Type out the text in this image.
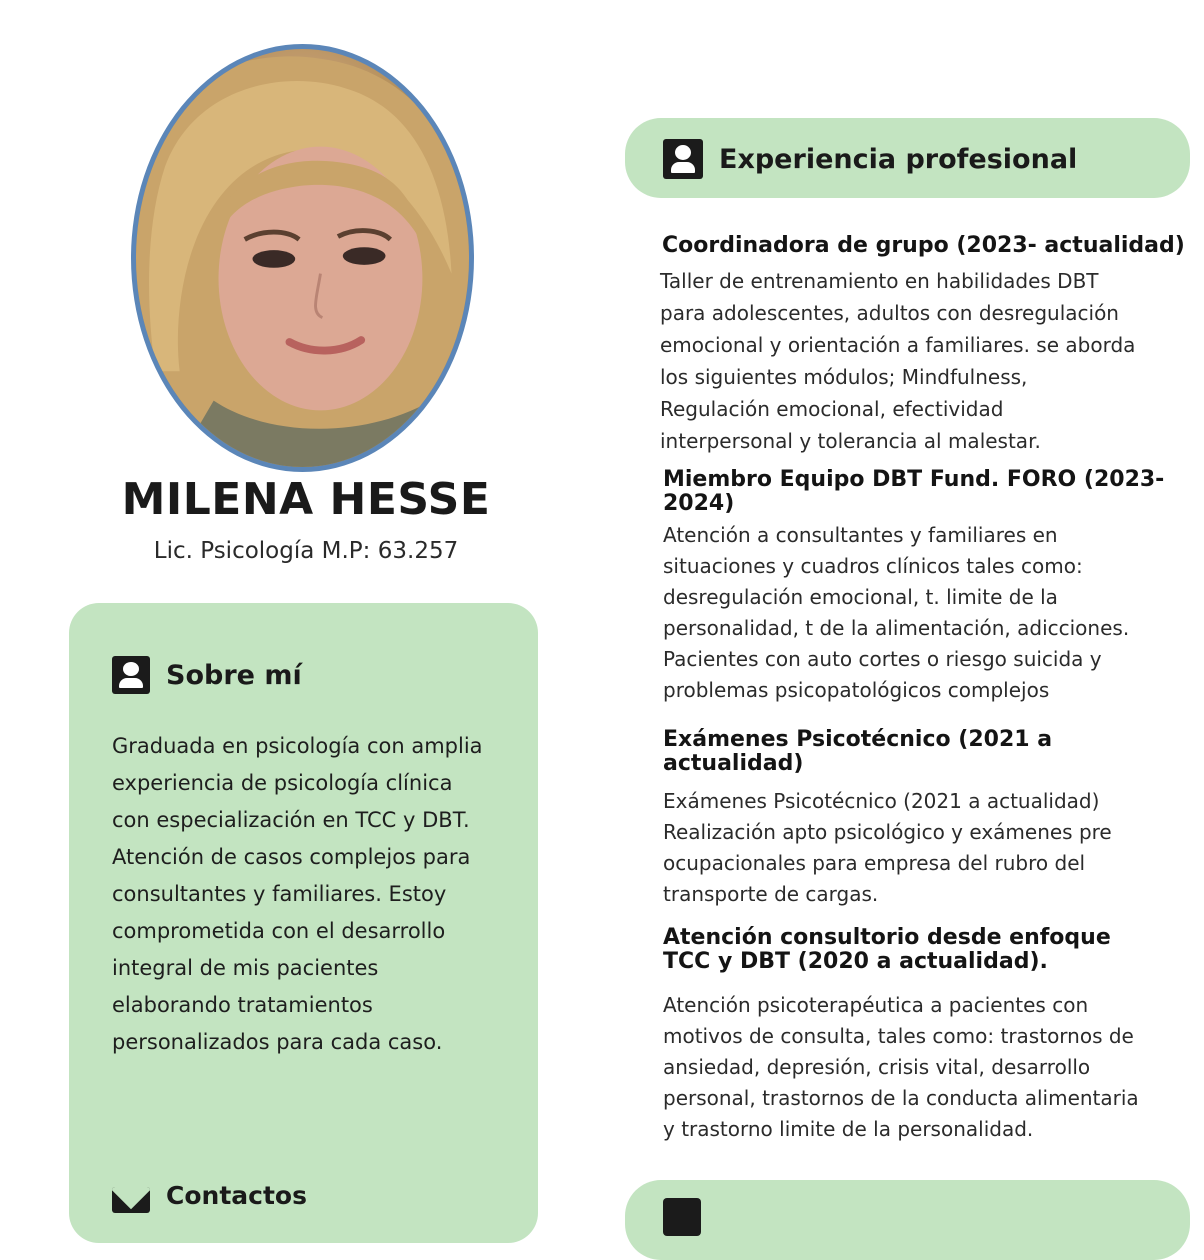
MILENA HESSE
Lic. Psicología M.P: 63.257
Sobre mí
Graduada en psicología con amplia
experiencia de psicología clínica
con especialización en TCC y DBT.
Atención de casos complejos para
consultantes y familiares. Estoy
comprometida con el desarrollo
integral de mis pacientes
elaborando tratamientos
personalizados para cada caso.
Contactos
Experiencia profesional
Coordinadora de grupo (2023- actualidad)
Taller de entrenamiento en habilidades DBT
para adolescentes, adultos con desregulación
emocional y orientación a familiares. se aborda
los siguientes módulos; Mindfulness,
Regulación emocional, efectividad
interpersonal y tolerancia al malestar.
Miembro Equipo DBT Fund. FORO (2023-
2024)
Atención a consultantes y familiares en
situaciones y cuadros clínicos tales como:
desregulación emocional, t. limite de la
personalidad, t de la alimentación, adicciones.
Pacientes con auto cortes o riesgo suicida y
problemas psicopatológicos complejos
Exámenes Psicotécnico (2021 a
actualidad)
Exámenes Psicotécnico (2021 a actualidad)
Realización apto psicológico y exámenes pre
ocupacionales para empresa del rubro del
transporte de cargas.
Atención consultorio desde enfoque
TCC y DBT (2020 a actualidad).
Atención psicoterapéutica a pacientes con
motivos de consulta, tales como: trastornos de
ansiedad, depresión, crisis vital, desarrollo
personal, trastornos de la conducta alimentaria
y trastorno limite de la personalidad.
